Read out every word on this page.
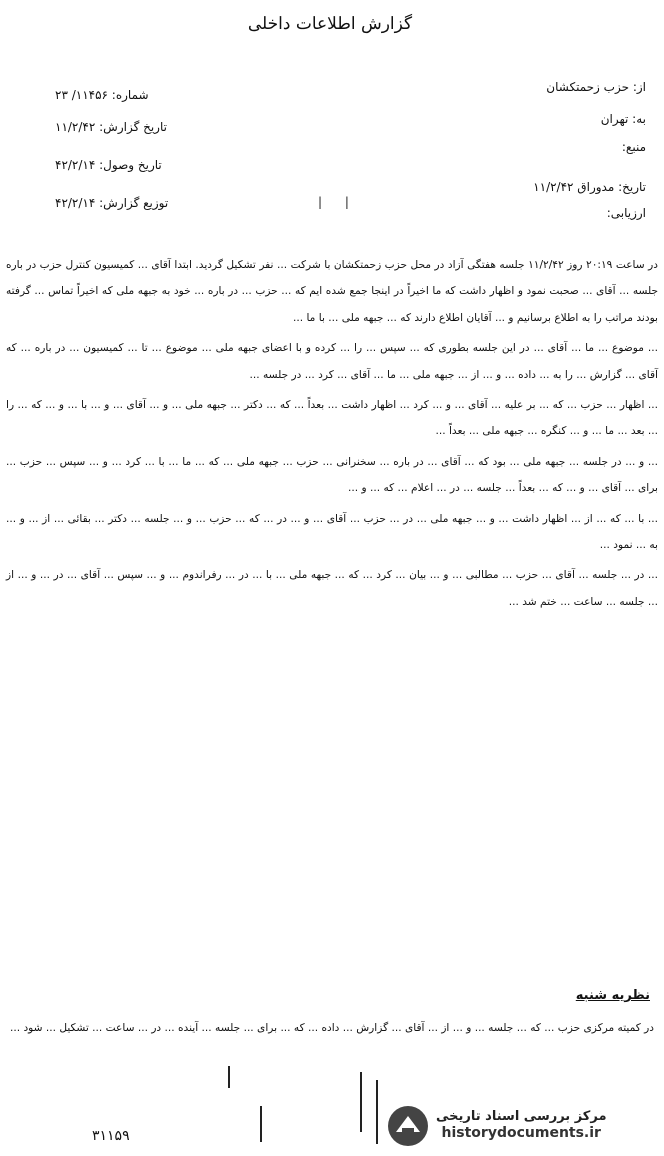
گزارش اطلاعات داخلی
از: حزب زحمتکشان
به: تهران
منبع:
تاریخ: مدوراق ۱۱/۲/۴۲
ارزیابی:
شماره: ۱۱۴۵۶/ ۲۳
تاریخ گزارش: ۱۱/۲/۴۲
تاریخ وصول: ۴۲/۲/۱۴
توزیع گزارش: ۴۲/۲/۱۴	|     ‌ |

در ساعت ۲۰:۱۹ روز ۱۱/۲/۴۲ جلسه هفتگی آزاد در محل حزب زحمتکشان با شرکت ... نفر تشکیل گردید. ابتدا آقای ... کمیسیون کنترل حزب در باره جلسه ... آقای ... صحبت نمود و اظهار داشت که ما اخیراً در اینجا جمع شده ایم که ... حزب ... در باره ... خود به جبهه ملی که اخیراً تماس ... گرفته بودند مراتب را به اطلاع برسانیم و ... آقایان اطلاع دارند که ... جبهه ملی ... با ما ...

... موضوع ... ما ... آقای ... در این جلسه بطوری که ... سپس ... را ... کرده و با اعضای جبهه ملی ... موضوع ... تا ... کمیسیون ... در باره ... که آقای ... گزارش ... را به ... داده ... و ... از ... جبهه ملی ... ما ... آقای ... کرد ... در جلسه ...

... اظهار ... حزب ... که ... بر علیه ... آقای ... و ... کرد ... اظهار داشت ... بعداً ... که ... دکتر ... جبهه ملی ... و ... آقای ... و ... با ... و ... که ... را ... بعد ... ما ... و ... کنگره ... جبهه ملی ... بعداً ...

... و ... در جلسه ... جبهه ملی ... بود که ... آقای ... در باره ... سخنرانی ... حزب ... جبهه ملی ... که ... ما ... با ... کرد ... و ... سپس ... حزب ... برای ... آقای ... و ... که ... بعداً ... جلسه ... در ... اعلام ... که ... و ...

... با ... که ... از ... اظهار داشت ... و ... جبهه ملی ... در ... حزب ... آقای ... و ... در ... که ... حزب ... و ... جلسه ... دکتر ... بقائی ... از ... و ... به ... نمود ...

... در ... جلسه ... آقای ... حزب ... مطالبی ... و ... بیان ... کرد ... که ... جبهه ملی ... با ... در ... رفراندوم ... و ... سپس ... آقای ... در ... و ... از ... جلسه ... ساعت ... ختم شد ...

نظریه شنبه
در کمیته مرکزی حزب ... که ... جلسه ... و ... از ... آقای ... گزارش ... داده ... که ... برای ... جلسه ... آینده ... در ... ساعت ... تشکیل ... شود ...
۳۱۱۵۹
مرکز بررسی اسناد تاریخی
historydocuments.ir
